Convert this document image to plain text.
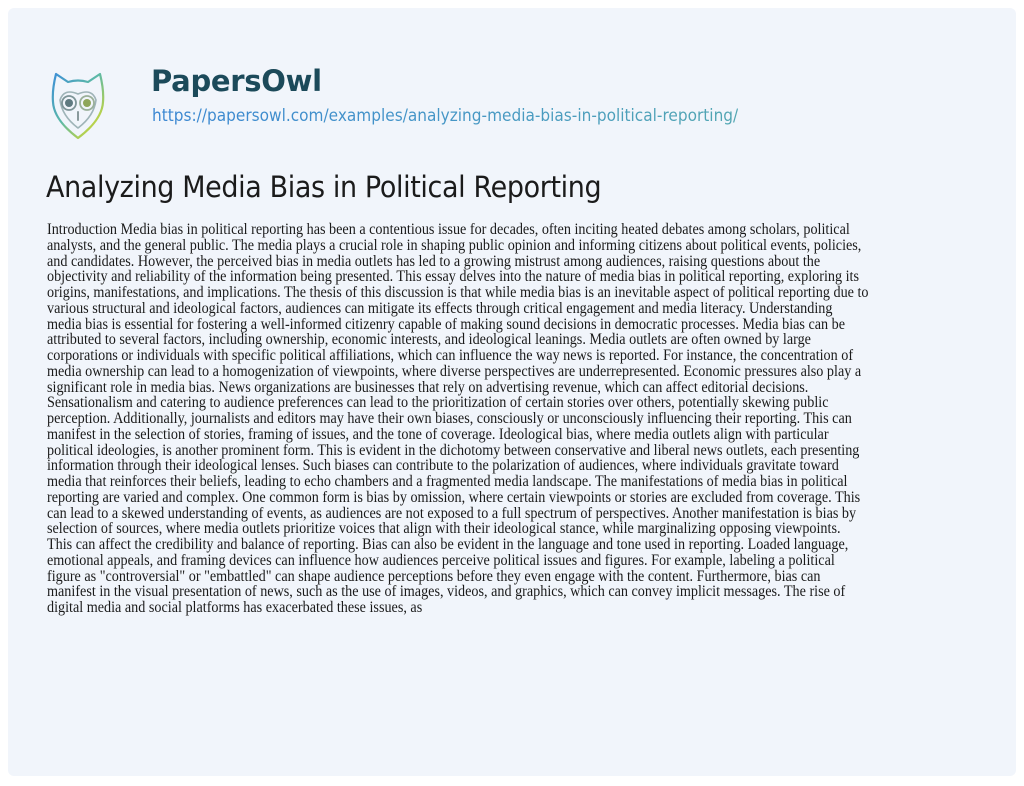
PapersOwl
https://papersowl.com/examples/analyzing-media-bias-in-political-reporting/
Analyzing Media Bias in Political Reporting
Introduction Media bias in political reporting has been a contentious issue for decades, often inciting heated debates among scholars, political
analysts, and the general public. The media plays a crucial role in shaping public opinion and informing citizens about political events, policies,
and candidates. However, the perceived bias in media outlets has led to a growing mistrust among audiences, raising questions about the
objectivity and reliability of the information being presented. This essay delves into the nature of media bias in political reporting, exploring its
origins, manifestations, and implications. The thesis of this discussion is that while media bias is an inevitable aspect of political reporting due to
various structural and ideological factors, audiences can mitigate its effects through critical engagement and media literacy. Understanding
media bias is essential for fostering a well-informed citizenry capable of making sound decisions in democratic processes. Media bias can be
attributed to several factors, including ownership, economic interests, and ideological leanings. Media outlets are often owned by large
corporations or individuals with specific political affiliations, which can influence the way news is reported. For instance, the concentration of
media ownership can lead to a homogenization of viewpoints, where diverse perspectives are underrepresented. Economic pressures also play a
significant role in media bias. News organizations are businesses that rely on advertising revenue, which can affect editorial decisions.
Sensationalism and catering to audience preferences can lead to the prioritization of certain stories over others, potentially skewing public
perception. Additionally, journalists and editors may have their own biases, consciously or unconsciously influencing their reporting. This can
manifest in the selection of stories, framing of issues, and the tone of coverage. Ideological bias, where media outlets align with particular
political ideologies, is another prominent form. This is evident in the dichotomy between conservative and liberal news outlets, each presenting
information through their ideological lenses. Such biases can contribute to the polarization of audiences, where individuals gravitate toward
media that reinforces their beliefs, leading to echo chambers and a fragmented media landscape. The manifestations of media bias in political
reporting are varied and complex. One common form is bias by omission, where certain viewpoints or stories are excluded from coverage. This
can lead to a skewed understanding of events, as audiences are not exposed to a full spectrum of perspectives. Another manifestation is bias by
selection of sources, where media outlets prioritize voices that align with their ideological stance, while marginalizing opposing viewpoints.
This can affect the credibility and balance of reporting. Bias can also be evident in the language and tone used in reporting. Loaded language,
emotional appeals, and framing devices can influence how audiences perceive political issues and figures. For example, labeling a political
figure as "controversial" or "embattled" can shape audience perceptions before they even engage with the content. Furthermore, bias can
manifest in the visual presentation of news, such as the use of images, videos, and graphics, which can convey implicit messages. The rise of
digital media and social platforms has exacerbated these issues, as
